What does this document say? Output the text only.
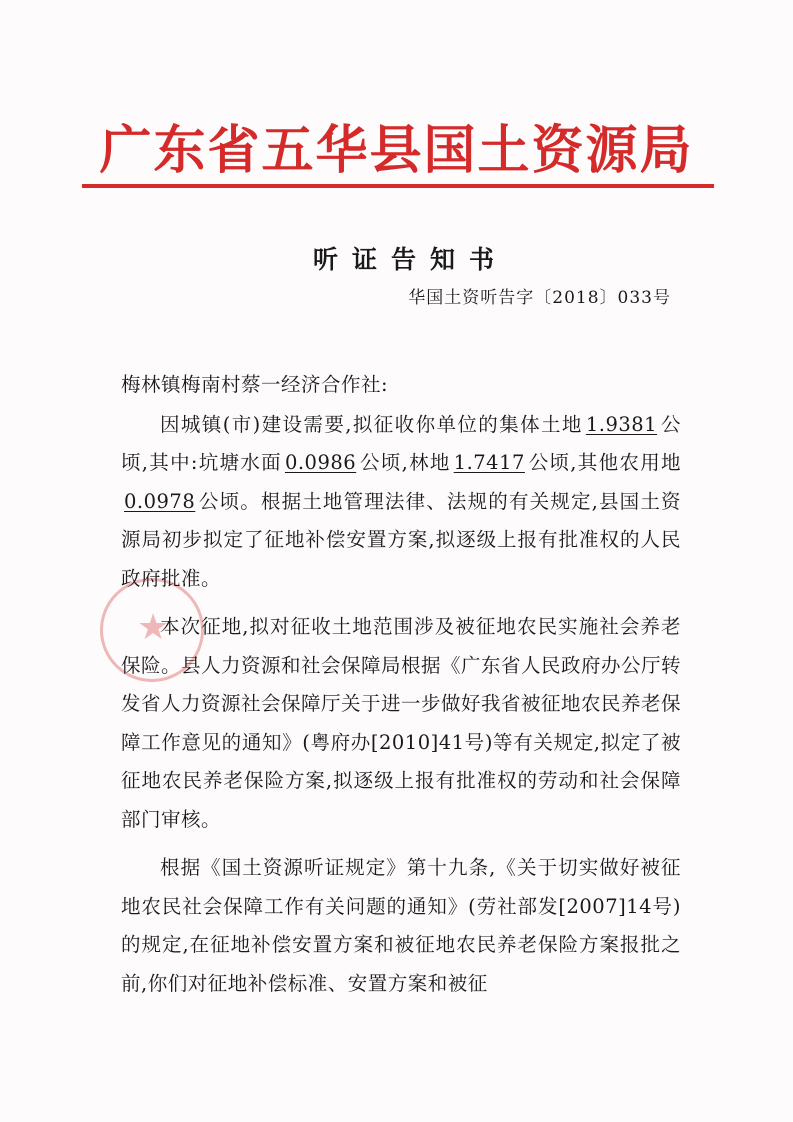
广东省五华县国土资源局
★
听证告知书
华国土资听告字〔2018〕033号

梅林镇梅南村蔡一经济合作社:

因城镇(市)建设需要,拟征收你单位的集体土地 1.9381 公顷,其中:坑塘水面 0.0986 公顷,林地 1.7417 公顷,其他农用地0.0978 公顷。根据土地管理法律、法规的有关规定,县国土资源局初步拟定了征地补偿安置方案,拟逐级上报有批准权的人民政府批准。

本次征地,拟对征收土地范围涉及被征地农民实施社会养老保险。县人力资源和社会保障局根据《广东省人民政府办公厅转发省人力资源社会保障厅关于进一步做好我省被征地农民养老保障工作意见的通知》(粤府办[2010]41号)等有关规定,拟定了被征地农民养老保险方案,拟逐级上报有批准权的劳动和社会保障部门审核。

根据《国土资源听证规定》第十九条,《关于切实做好被征地农民社会保障工作有关问题的通知》(劳社部发[2007]14号)的规定,在征地补偿安置方案和被征地农民养老保险方案报批之前,你们对征地补偿标准、安置方案和被征
